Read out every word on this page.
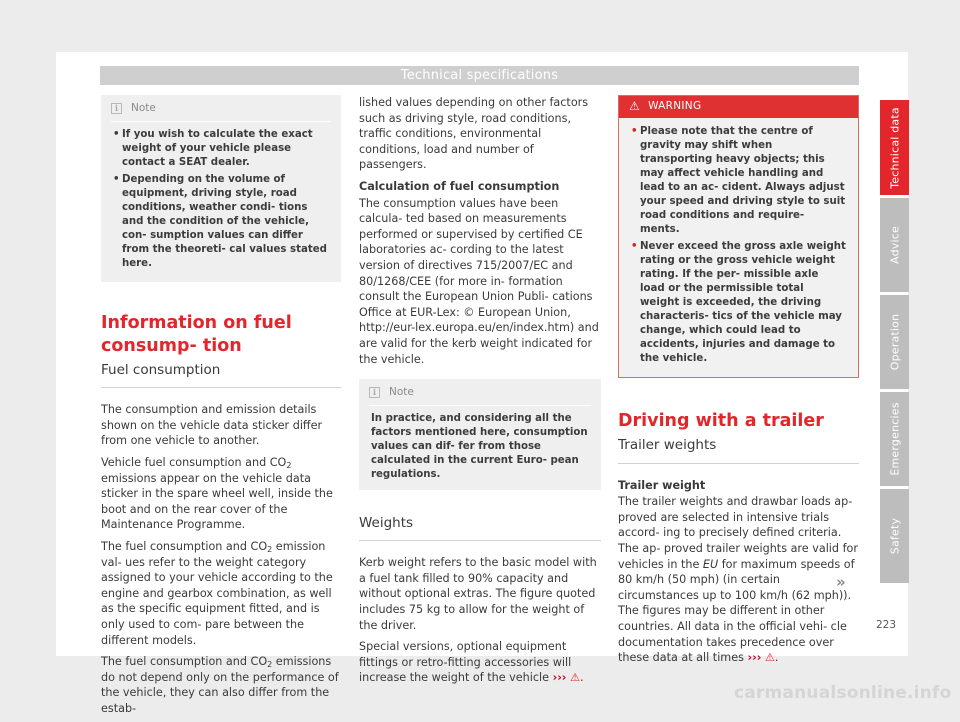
Technical specifications
i	Note
• If you wish to calculate the exact weight of your vehicle please contact a SEAT dealer.
• Depending on the volume of equipment, driving style, road conditions, weather condi- tions and the condition of the vehicle, con- sumption values can differ from the theoreti- cal values stated here.
Information on fuel consump- tion
Fuel consumption

The consumption and emission details shown on the vehicle data sticker differ from one vehicle to another.

Vehicle fuel consumption and $CO_2$ emissions appear on the vehicle data sticker in the spare wheel well, inside the boot and on the rear cover of the Maintenance Programme.

The fuel consumption and $CO_2$ emission val- ues refer to the weight category assigned to your vehicle according to the engine and gearbox combination, as well as the specific equipment fitted, and is only used to com- pare between the different models.

The fuel consumption and $CO_2$ emissions do not depend only on the performance of the vehicle, they can also differ from the estab-

lished values depending on other factors such as driving style, road conditions, traffic conditions, environmental conditions, load and number of passengers.

Calculation of fuel consumption

The consumption values have been calcula- ted based on measurements performed or supervised by certified CE laboratories ac- cording to the latest version of directives 715/2007/EC and 80/1268/CEE (for more in- formation consult the European Union Publi- cations Office at EUR-Lex: © European Union, http://eur-lex.europa.eu/en/index.htm) and are valid for the kerb weight indicated for the vehicle.

i	Note
In practice, and considering all the factors mentioned here, consumption values can dif- fer from those calculated in the current Euro- pean regulations.
Weights

Kerb weight refers to the basic model with a fuel tank filled to 90% capacity and without optional extras. The figure quoted includes 75 kg to allow for the weight of the driver.

Special versions, optional equipment fittings or retro-fitting accessories will increase the weight of the vehicle ››› ⚠.

⚠ WARNING
• Please note that the centre of gravity may shift when transporting heavy objects; this may affect vehicle handling and lead to an ac- cident. Always adjust your speed and driving style to suit road conditions and require- ments.
• Never exceed the gross axle weight rating or the gross vehicle weight rating. If the per- missible axle load or the permissible total weight is exceeded, the driving characteris- tics of the vehicle may change, which could lead to accidents, injuries and damage to the vehicle.
Driving with a trailer
Trailer weights

Trailer weight

The trailer weights and drawbar loads ap- proved are selected in intensive trials accord- ing to precisely defined criteria. The ap- proved trailer weights are valid for vehicles in the EU for maximum speeds of 80 km/h (50 mph) (in certain circumstances up to 100 km/h (62 mph)). The figures may be different in other countries. All data in the official vehi- cle documentation takes precedence over these data at all times ››› ⚠.

Technical data
Advice
Operation
Emergencies
Safety
»
223
carmanualsonline.info
